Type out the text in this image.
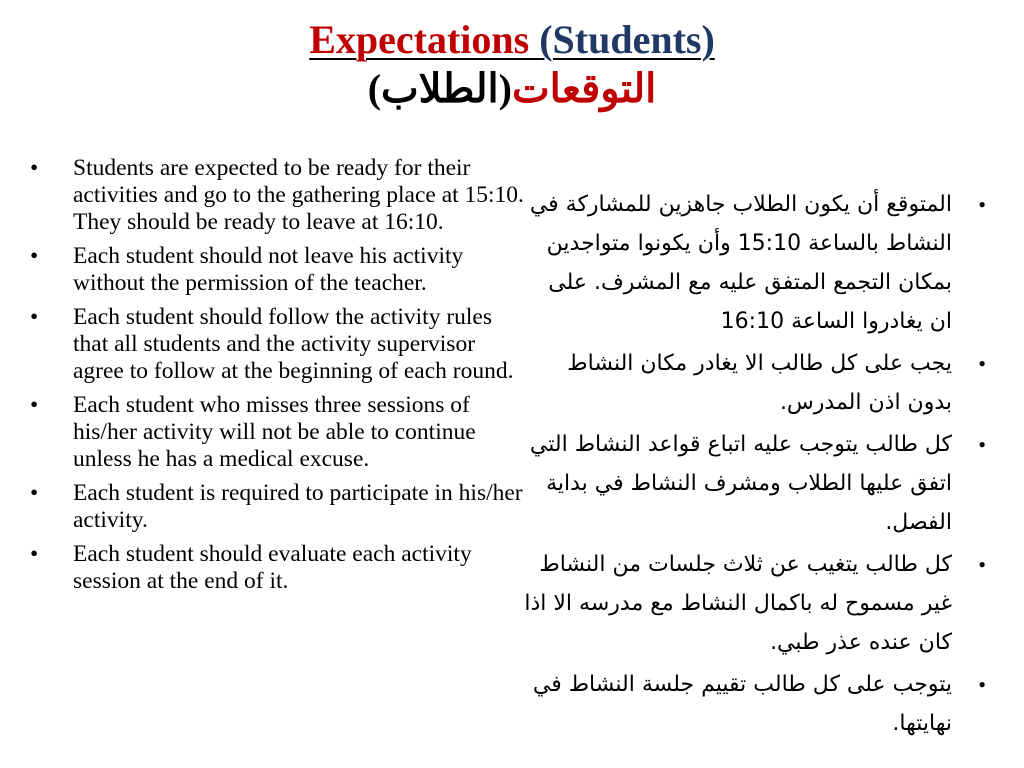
Expectations (Students)
التوقعات(الطلاب)
• Students are expected to be ready for their activities and go to the gathering place at 15:10. They should be ready to leave at 16:10.
• Each student should not leave his activity without the permission of the teacher.
• Each student should follow the activity rules that all students and the activity supervisor agree to follow at the beginning of each round.
• Each student who misses three sessions of his/her activity will not be able to continue unless he has a medical excuse.
• Each student is required to participate in his/her activity.
• Each student should evaluate each activity session at the end of it.
•
المتوقع أن يكون الطلاب جاهزين للمشاركة في النشاط بالساعة 15:10 وأن يكونوا متواجدين بمكان التجمع المتفق عليه مع المشرف. على ان يغادروا الساعة 16:10
•
يجب على كل طالب الا يغادر مكان النشاط بدون اذن المدرس.
•
كل طالب يتوجب عليه اتباع قواعد النشاط التي اتفق عليها الطلاب ومشرف النشاط في بداية الفصل.
•
كل طالب يتغيب عن ثلاث جلسات من النشاط غير مسموح له باكمال النشاط مع مدرسه الا اذا كان عنده عذر طبي.
•
يتوجب على كل طالب تقييم جلسة النشاط في نهايتها.
